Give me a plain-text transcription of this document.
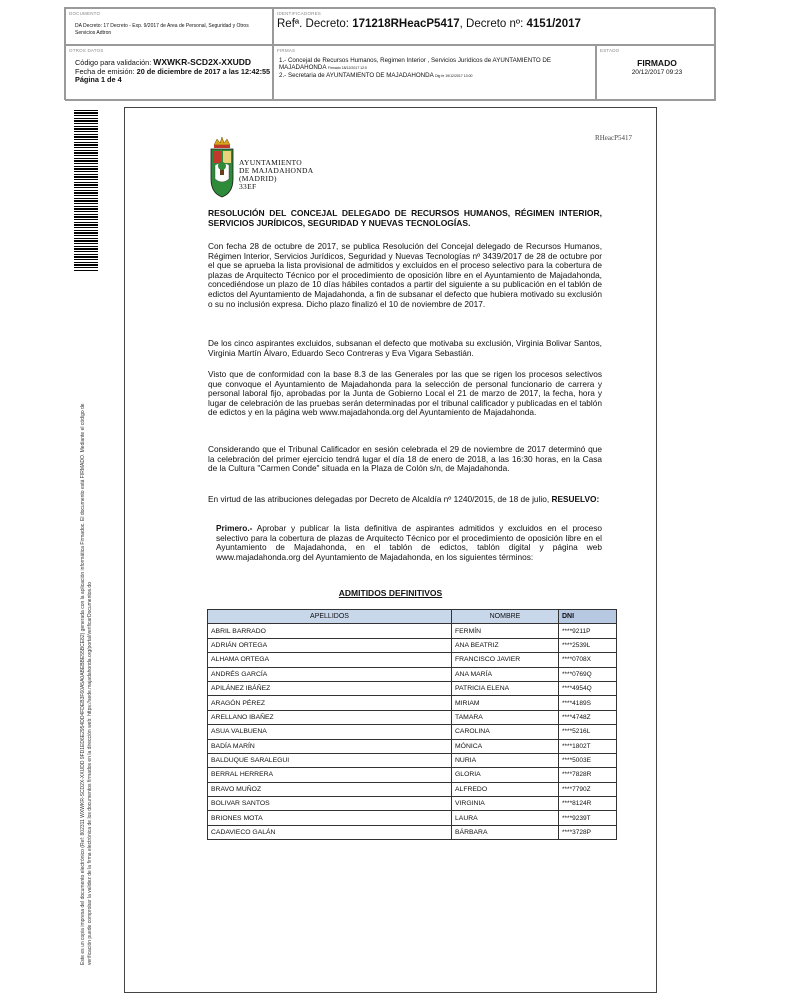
DOCUMENTO
DA Decreto: 17 Decreto - Exp. 9/2017 de Area de Personal, Seguridad y Otros Servicios Adtron
IDENTIFICADORES
Refª. Decreto: 171218RHeacP5417, Decreto nº: 4151/2017
OTROS DATOS
Código para validación: WXWKR-SCD2X-XXUDD
Fecha de emisión: 20 de diciembre de 2017 a las 12:42:55
Página 1 de 4
FIRMAS
1.- Concejal de Recursos Humanos, Regimen Interior , Servicios Jurídicos de AYUNTAMIENTO DE MAJADAHONDA Firmado 18/12/2017 12:0
2.- Secretaria de AYUNTAMIENTO DE MAJADAHONDA Dig fe 19/12/2017 13:00
ESTADO
FIRMADO
20/12/2017 09:23
Este es un copia impresa del documento electrónico (Ref: 802311 WXWKR-SCD2X-XXUDD 9FD1ED6E2954DD4FDEB3F60A5A0ABEBBE55BCE82) generada con la aplicación informática Firmadoc. El documento está FIRMADO. Mediante el código de verificación puede comprobar la validez de la firma electrónica de los documentos firmados en la dirección web: https://sede.majadahonda.org/portal/verificarDocumentos.do
RHeacP5417
AYUNTAMIENTO
DE MAJADAHONDA
(MADRID)
33EF
RESOLUCIÓN DEL CONCEJAL DELEGADO DE RECURSOS HUMANOS, RÉGIMEN INTERIOR, SERVICIOS JURÍDICOS, SEGURIDAD Y NUEVAS TECNOLOGÍAS.
Con fecha 28 de octubre de 2017, se publica Resolución del Concejal delegado de Recursos Humanos, Régimen Interior, Servicios Jurídicos, Seguridad y Nuevas Tecnologías nº 3439/2017 de 28 de octubre por el que se aprueba la lista provisional de admitidos y excluidos en el proceso selectivo para la cobertura de plazas de Arquitecto Técnico por el procedimiento de oposición libre en el Ayuntamiento de Majadahonda, concediéndose un plazo de 10 días hábiles contados a partir del siguiente a su publicación en el tablón de edictos del Ayuntamiento de Majadahonda, a fin de subsanar el defecto que hubiera motivado su exclusión o su no inclusión expresa. Dicho plazo finalizó el 10 de noviembre de 2017.
De los cinco aspirantes excluidos, subsanan el defecto que motivaba su exclusión, Virginia Bolivar Santos, Virginia Martín Álvaro, Eduardo Seco Contreras y Eva Vigara Sebastián.
Visto que de conformidad con la base 8.3 de las Generales por las que se rigen los procesos selectivos que convoque el Ayuntamiento de Majadahonda para la selección de personal funcionario de carrera y personal laboral fijo, aprobadas por la Junta de Gobierno Local el 21 de marzo de 2017, la fecha, hora y lugar de celebración de las pruebas serán determinadas por el tribunal calificador y publicadas en el tablón de edictos y en la página web www.majadahonda.org del Ayuntamiento de Majadahonda.
Considerando que el Tribunal Calificador en sesión celebrada el 29 de noviembre de 2017 determinó que la celebración del primer ejercicio tendrá lugar el día 18 de enero de 2018, a las 16:30 horas, en la Casa de la Cultura "Carmen Conde" situada en la Plaza de Colón s/n, de Majadahonda.
En virtud de las atribuciones delegadas por Decreto de Alcaldía nº 1240/2015, de 18 de julio, RESUELVO:
Primero.- Aprobar y publicar la lista definitiva de aspirantes admitidos y excluidos en el proceso selectivo para la cobertura de plazas de Arquitecto Técnico por el procedimiento de oposición libre en el Ayuntamiento de Majadahonda, en el tablón de edictos, tablón digital y página web www.majadahonda.org del Ayuntamiento de Majadahonda, en los siguientes términos:
ADMITIDOS DEFINITIVOS
APELLIDOS	NOMBRE	DNI
ABRIL BARRADO	FERMÍN	****9211P
ADRIÁN ORTEGA	ANA BEATRIZ	****2539L
ALHAMA ORTEGA	FRANCISCO JAVIER	****0708X
ANDRÉS GARCÍA	ANA MARÍA	****0769Q
APILÁNEZ IBÁÑEZ	PATRICIA ELENA	****4954Q
ARAGÓN PÉREZ	MIRIAM	****4189S
ARELLANO IBAÑEZ	TAMARA	****4748Z
ASUA VALBUENA	CAROLINA	****5216L
BADÍA MARÍN	MÓNICA	****1802T
BALDUQUE SARALEGUI	NURIA	****5003E
BERRAL HERRERA	GLORIA	****7828R
BRAVO MUÑOZ	ALFREDO	****7790Z
BOLIVAR SANTOS	VIRGINIA	****8124R
BRIONES MOTA	LAURA	****9239T
CADAVIECO GALÁN	BÁRBARA	****3728P
